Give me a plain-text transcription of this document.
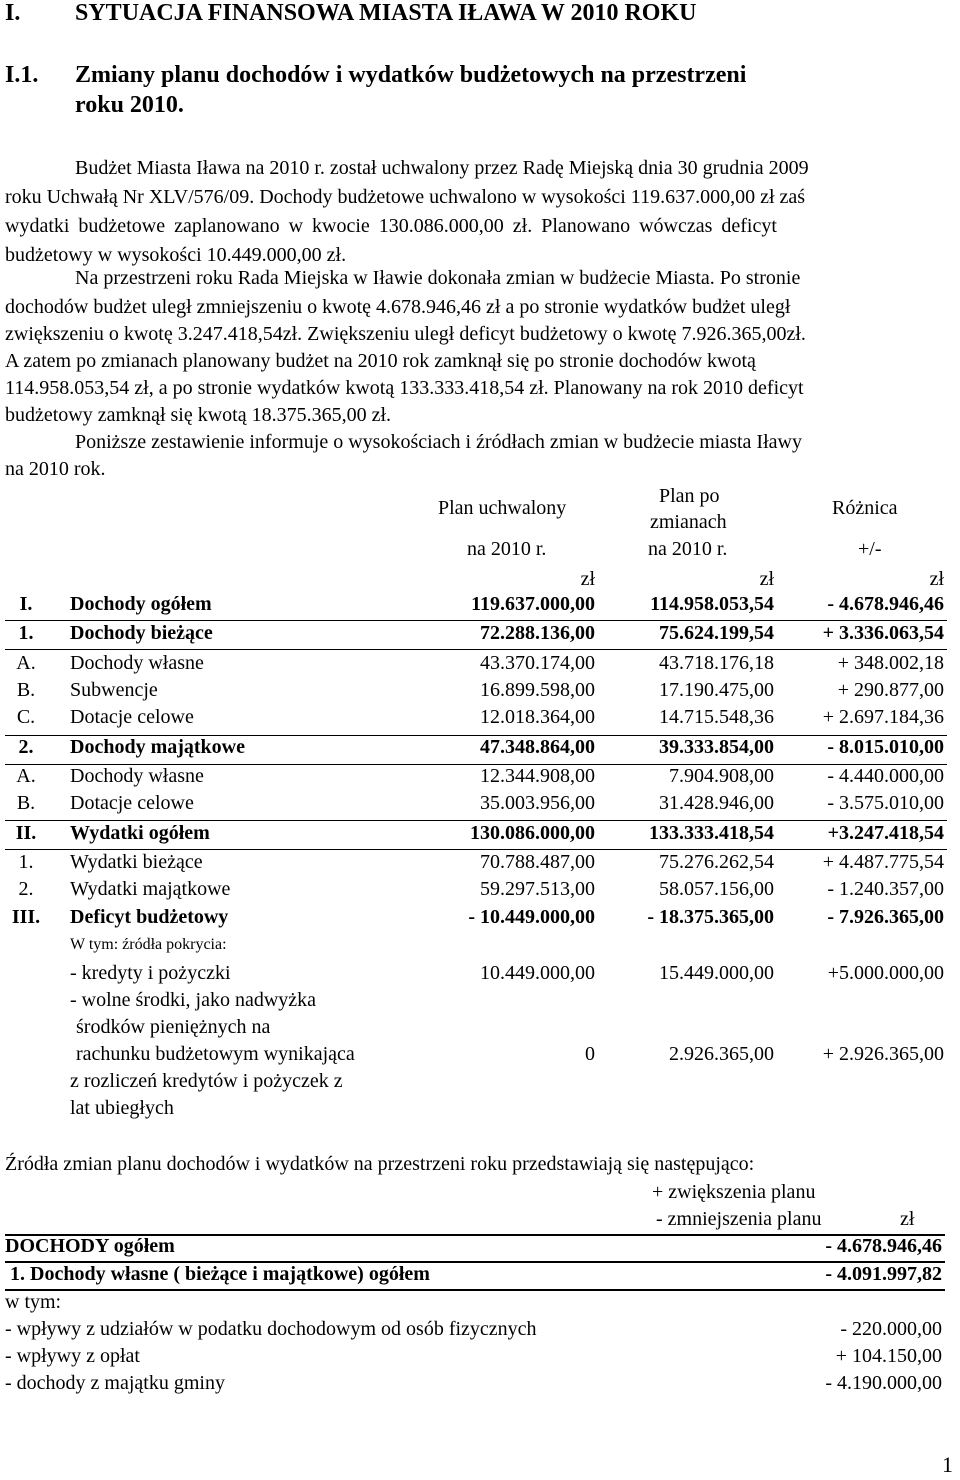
I. SYTUACJA FINANSOWA MIASTA IŁAWA W 2010 ROKU
I.1. Zmiany planu dochodów i wydatków budżetowych na przestrzeni
roku 2010.
Budżet Miasta Iława na 2010 r. został uchwalony przez Radę Miejską dnia 30 grudnia 2009
roku Uchwałą Nr XLV/576/09. Dochody budżetowe uchwalono w wysokości 119.637.000,00 zł zaś
wydatki budżetowe zaplanowano w kwocie 130.086.000,00 zł. Planowano wówczas deficyt
budżetowy w wysokości 10.449.000,00 zł.
Na przestrzeni roku Rada Miejska w Iławie dokonała zmian w budżecie Miasta. Po stronie
dochodów budżet uległ zmniejszeniu o kwotę 4.678.946,46 zł a po stronie wydatków budżet uległ
zwiększeniu o kwotę 3.247.418,54zł. Zwiększeniu uległ deficyt budżetowy o kwotę 7.926.365,00zł.
A zatem po zmianach planowany budżet na 2010 rok zamknął się po stronie dochodów kwotą
114.958.053,54 zł, a po stronie wydatków kwotą 133.333.418,54 zł. Planowany na rok 2010 deficyt
budżetowy zamknął się kwotą 18.375.365,00 zł.
Poniższe zestawienie informuje o wysokościach i źródłach zmian w budżecie miasta Iławy
na 2010 rok.
Plan uchwalony
na 2010 r.
Plan po
zmianach
na 2010 r.
Różnica
+/-
zł	zł	zł
I.	Dochody ogółem	119.637.000,00	114.958.053,54	- 4.678.946,46
1.	Dochody bieżące	72.288.136,00	75.624.199,54 + 3.336.063,54
A.	Dochody własne	43.370.174,00	43.718.176,18	+ 348.002,18
B.	Subwencje	16.899.598,00	17.190.475,00	+ 290.877,00
C.	Dotacje celowe	12.018.364,00	14.715.548,36 + 2.697.184,36
2.	Dochody majątkowe	47.348.864,00	39.333.854,00	- 8.015.010,00
A.	Dochody własne	12.344.908,00	7.904.908,00	- 4.440.000,00
B.	Dotacje celowe	35.003.956,00	31.428.946,00	- 3.575.010,00
II.	Wydatki ogółem	130.086.000,00	133.333.418,54	+3.247.418,54
1.	Wydatki bieżące	70.788.487,00	75.276.262,54 + 4.487.775,54
2.	Wydatki majątkowe	59.297.513,00	58.057.156,00	- 1.240.357,00
III.	Deficyt budżetowy	- 10.449.000,00	- 18.375.365,00	- 7.926.365,00
W tym: źródła pokrycia:
- kredyty i pożyczki	10.449.000,00	15.449.000,00	+5.000.000,00
- wolne środki, jako nadwyżka
środków pieniężnych na
rachunku budżetowym wynikająca
z rozliczeń kredytów i pożyczek z
lat ubiegłych
0	2.926.365,00 + 2.926.365,00
Źródła zmian planu dochodów i wydatków na przestrzeni roku przedstawiają się następująco:
+ zwiększenia planu
- zmniejszenia planu	zł
DOCHODY ogółem	- 4.678.946,46
1. Dochody własne ( bieżące i majątkowe) ogółem	- 4.091.997,82
w tym:
- wpływy z udziałów w podatku dochodowym od osób fizycznych	- 220.000,00
- wpływy z opłat	+ 104.150,00
- dochody z majątku gminy	- 4.190.000,00
1
